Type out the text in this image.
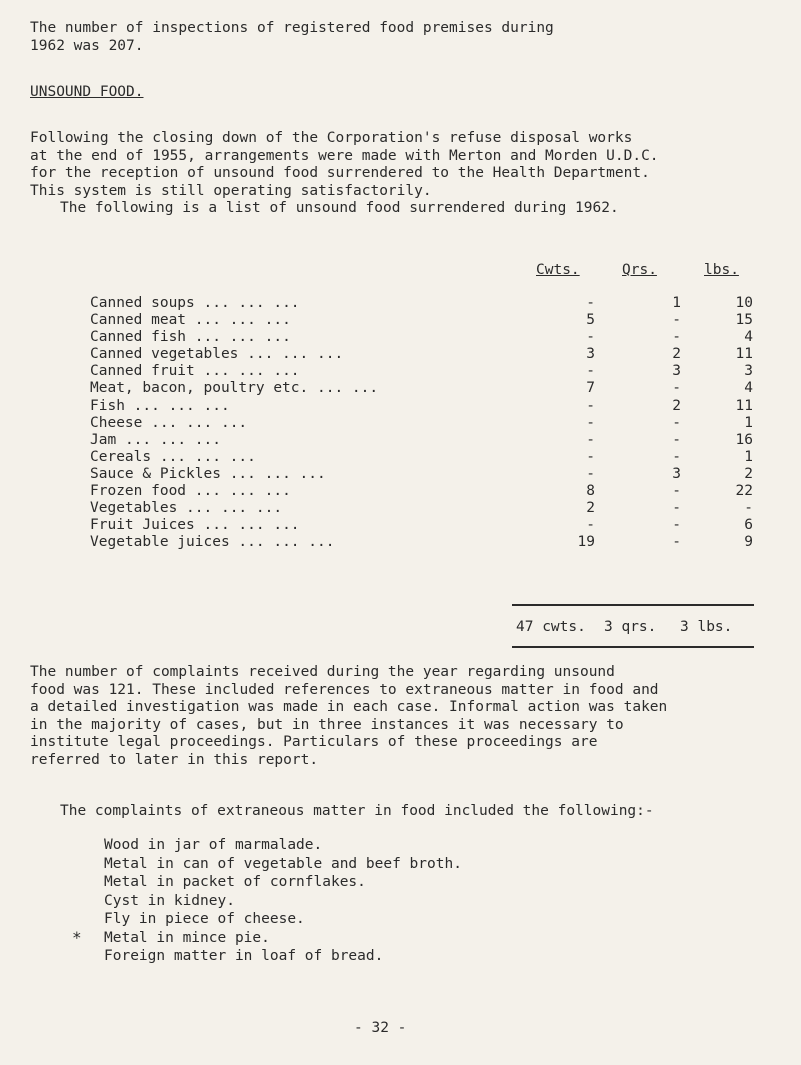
The number of inspections of registered food premises during
1962 was 207.

UNSOUND FOOD.

Following the closing down of the Corporation's refuse disposal works
at the end of 1955, arrangements were made with Merton and Morden U.D.C.
for the reception of unsound food surrendered to the Health Department.
This system is still operating satisfactorily.

The following is a list of unsound food surrendered during 1962.

Cwts.	Qrs.	lbs.
Canned soups ... ... ...	-	1	10
Canned meat ... ... ...	5	-	15
Canned fish ... ... ...	-	-	4
Canned vegetables ... ... ...	3	2	11
Canned fruit ... ... ...	-	3	3
Meat, bacon, poultry etc. ... ...	7	-	4
Fish ... ... ...	-	2	11
Cheese ... ... ...	-	-	1
Jam ... ... ...	-	-	16
Cereals ... ... ...	-	-	1
Sauce & Pickles ... ... ...	-	3	2
Frozen food ... ... ...	8	-	22
Vegetables ... ... ...	2	-	-
Fruit Juices ... ... ...	-	-	6
Vegetable juices ... ... ...	19	-	9
47 cwts. 3 qrs. 3 lbs.

The number of complaints received during the year regarding unsound
food was 121. These included references to extraneous matter in food and
a detailed investigation was made in each case. Informal action was taken
in the majority of cases, but in three instances it was necessary to
institute legal proceedings. Particulars of these proceedings are
referred to later in this report.

The complaints of extraneous matter in food included the following:-

Wood in jar of marmalade.
Metal in can of vegetable and beef broth.
Metal in packet of cornflakes.
Cyst in kidney.
Fly in piece of cheese.
Metal in mince pie.
Foreign matter in loaf of bread.
*
- 32 -
